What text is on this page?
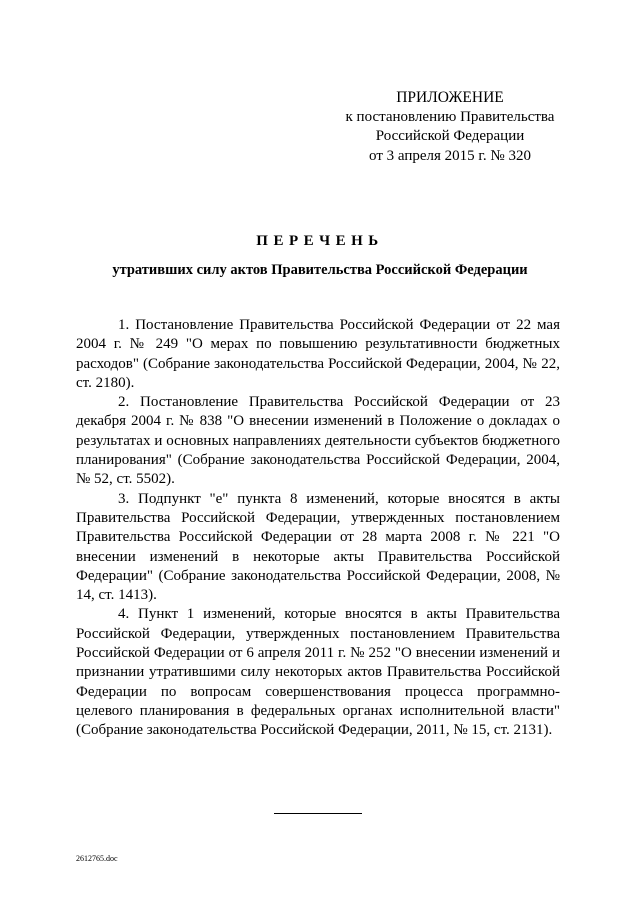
ПРИЛОЖЕНИЕ
к постановлению Правительства
Российской Федерации
от 3 апреля 2015 г. № 320
ПЕРЕЧЕНЬ
утративших силу актов Правительства Российской Федерации

1. Постановление Правительства Российской Федерации от 22 мая 2004 г. № 249 "О мерах по повышению результативности бюджетных расходов" (Собрание законодательства Российской Федерации, 2004, № 22, ст. 2180).

2. Постановление Правительства Российской Федерации от 23 декабря 2004 г. № 838 "О внесении изменений в Положение о докладах о результатах и основных направлениях деятельности субъектов бюджетного планирования" (Собрание законодательства Российской Федерации, 2004, № 52, ст. 5502).

3. Подпункт "е" пункта 8 изменений, которые вносятся в акты Правительства Российской Федерации, утвержденных постановлением Правительства Российской Федерации от 28 марта 2008 г. № 221 "О внесении изменений в некоторые акты Правительства Российской Федерации" (Собрание законодательства Российской Федерации, 2008, № 14, ст. 1413).

4. Пункт 1 изменений, которые вносятся в акты Правительства Российской Федерации, утвержденных постановлением Правительства Российской Федерации от 6 апреля 2011 г. № 252 "О внесении изменений и признании утратившими силу некоторых актов Правительства Российской Федерации по вопросам совершенствования процесса программно-целевого планирования в федеральных органах исполнительной власти" (Собрание законодательства Российской Федерации, 2011, № 15, ст. 2131).

2612765.doc
